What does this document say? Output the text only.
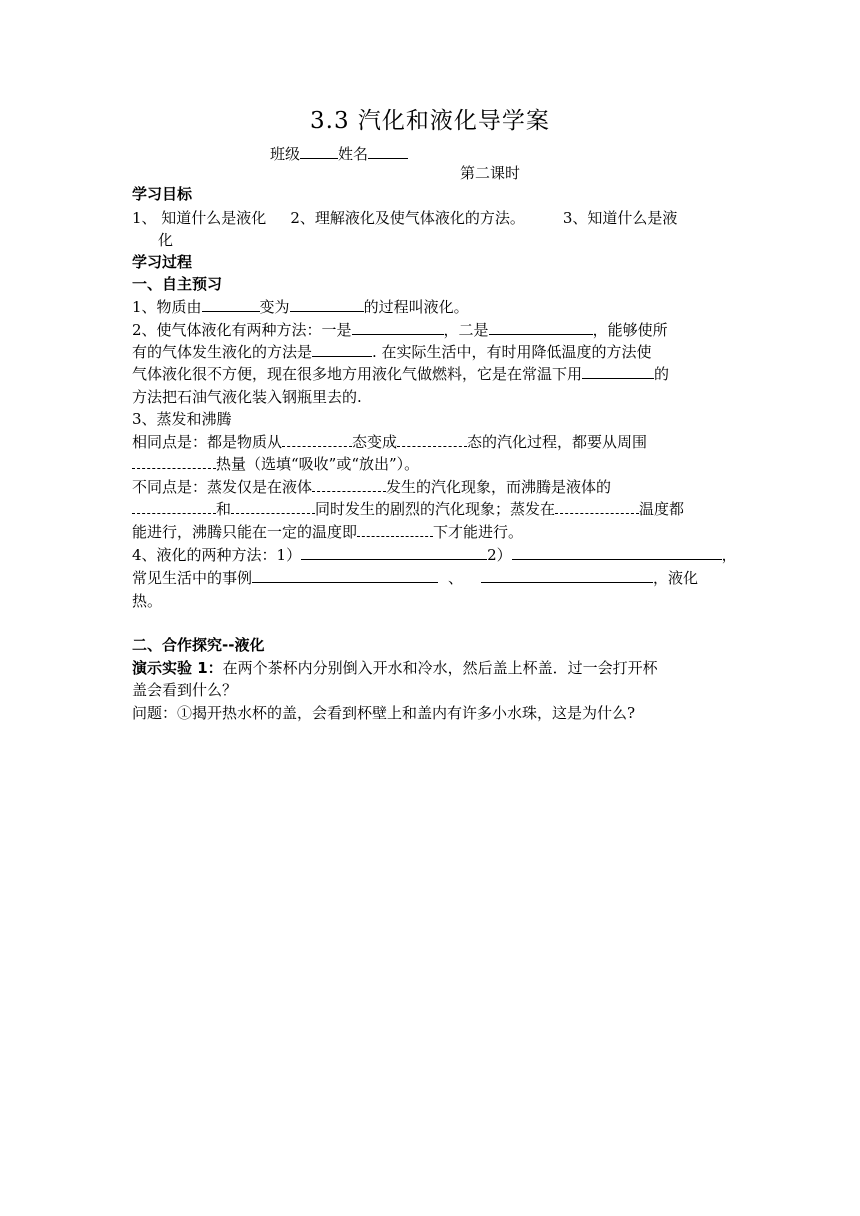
3.3 汽化和液化导学案
班级	姓名
第二课时
学习目标
1、 知道什么是液化 2、理解液化及使气体液化的方法。	3、知道什么是液
化
学习过程
一、自主预习
1、物质由	变为	的过程叫液化。
2、使气体液化有两种方法：一是	，二是	，能够使所
有的气体发生液化的方法是	. 在实际生活中，有时用降低温度的方法使
气体液化很不方便，现在很多地方用液化气做燃料，它是在常温下用	的
方法把石油气液化装入钢瓶里去的.
3、蒸发和沸腾
相同点是：都是物质从	态变成	态的汽化过程，都要从周围
热量（选填“吸收”或“放出”）。
不同点是：蒸发仅是在液体	发生的汽化现象，而沸腾是液体的
和	同时发生的剧烈的汽化现象；蒸发在	温度都
能进行，沸腾只能在一定的温度即	下才能进行。
4、液化的两种方法：1）	2）	，
常见生活中的事例	、	，液化
热。
二、合作探究--液化
演示实验 1：在两个茶杯内分别倒入开水和冷水，然后盖上杯盖．过一会打开杯
盖会看到什么？
问题：①揭开热水杯的盖，会看到杯壁上和盖内有许多小水珠，这是为什么?
